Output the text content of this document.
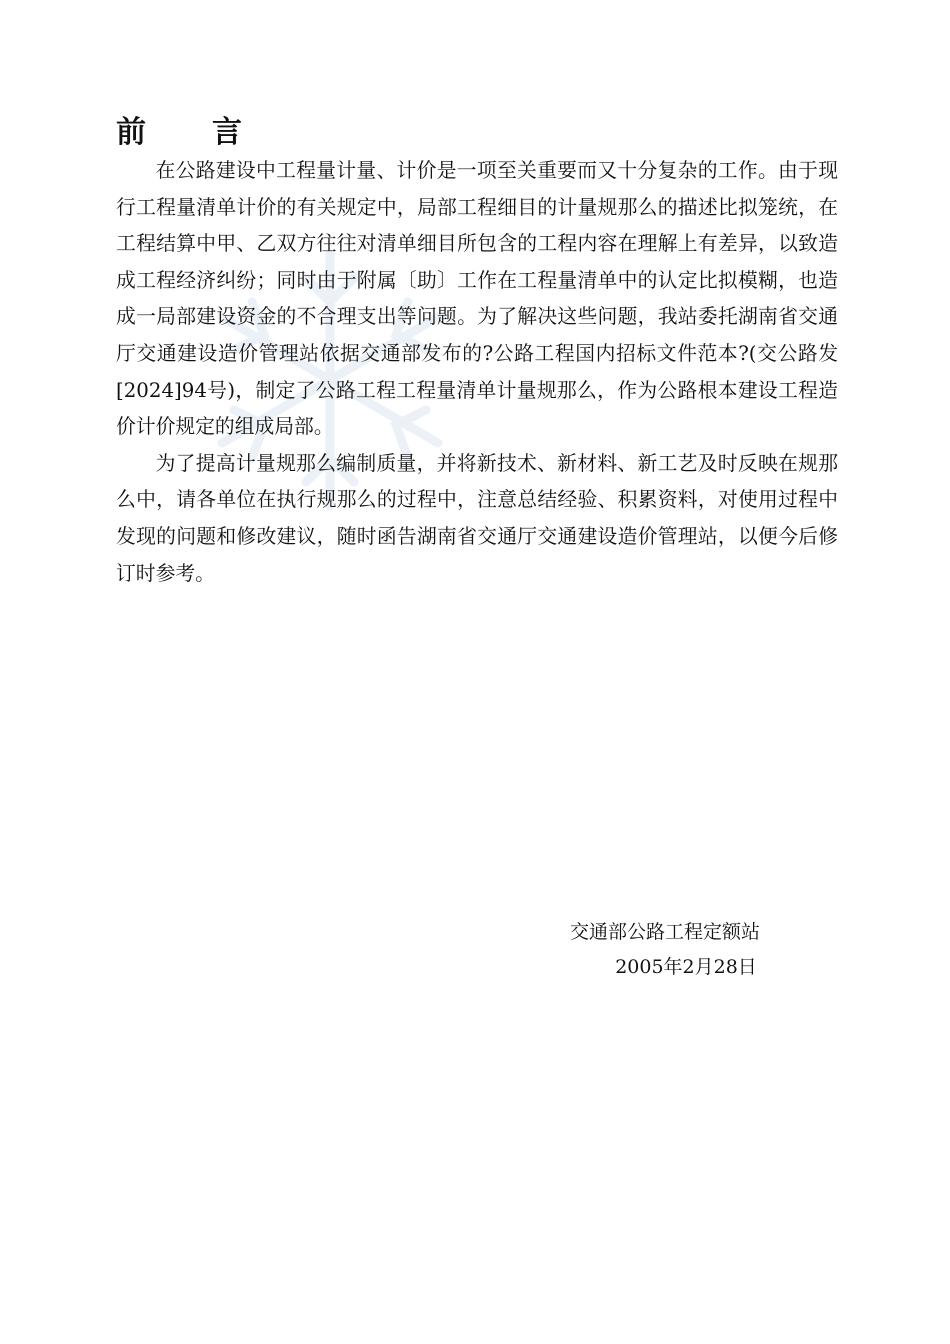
前　　言

在公路建设中工程量计量、计价是一项至关重要而又十分复杂的工作。由于现行工程量清单计价的有关规定中，局部工程细目的计量规那么的描述比拟笼统，在工程结算中甲、乙双方往往对清单细目所包含的工程内容在理解上有差异，以致造成工程经济纠纷；同时由于附属〔助〕工作在工程量清单中的认定比拟模糊，也造成一局部建设资金的不合理支出等问题。为了解决这些问题，我站委托湖南省交通厅交通建设造价管理站依据交通部发布的?公路工程国内招标文件范本?(交公路发[2024]94号)，制定了公路工程工程量清单计量规那么，作为公路根本建设工程造价计价规定的组成局部。

为了提高计量规那么编制质量，并将新技术、新材料、新工艺及时反映在规那么中，请各单位在执行规那么的过程中，注意总结经验、积累资料，对使用过程中发现的问题和修改建议，随时函告湖南省交通厅交通建设造价管理站，以便今后修订时参考。

交通部公路工程定额站
2005年2月28日
